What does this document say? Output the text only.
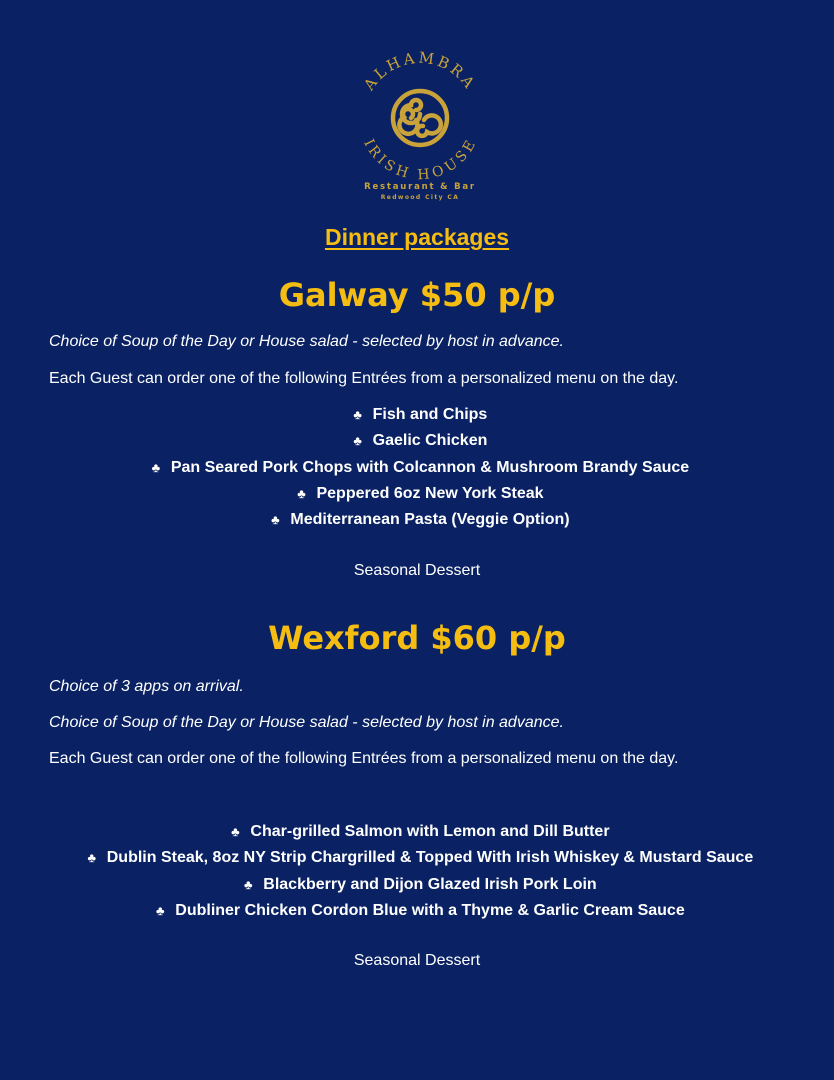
ALHAMBRA
IRISH HOUSE
Restaurant & Bar
Redwood City CA
Dinner packages
Galway $50 p/p
Choice of Soup of the Day or House salad - selected by host in advance.
Each Guest can order one of the following Entrées from a personalized menu on the day.
♣ Fish and Chips
♣ Gaelic Chicken
♣ Pan Seared Pork Chops with Colcannon & Mushroom Brandy Sauce
♣ Peppered 6oz New York Steak
♣ Mediterranean Pasta (Veggie Option)
Seasonal Dessert
Wexford $60 p/p
Choice of 3 apps on arrival.
Choice of Soup of the Day or House salad - selected by host in advance.
Each Guest can order one of the following Entrées from a personalized menu on the day.
♣ Char-grilled Salmon with Lemon and Dill Butter
♣ Dublin Steak, 8oz NY Strip Chargrilled & Topped With Irish Whiskey & Mustard Sauce
♣ Blackberry and Dijon Glazed Irish Pork Loin
♣ Dubliner Chicken Cordon Blue with a Thyme & Garlic Cream Sauce
Seasonal Dessert
